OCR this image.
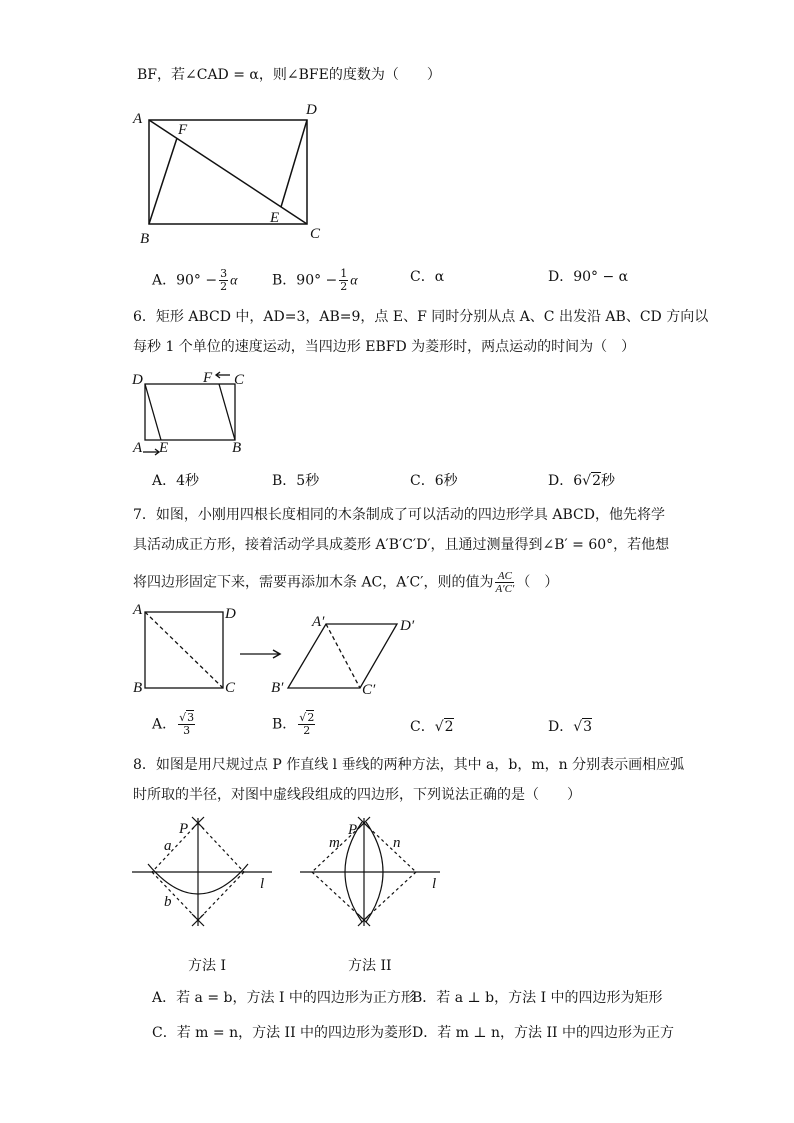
BF，若∠CAD = α，则∠BFE的度数为（　　）
A
D
F
B
E
C
A．$90^\circ - \frac{3}{2}$ α B．$90^\circ - \frac{1}{2}$ α	C．α	D．90° − α
6．矩形 ABCD 中，AD=3，AB=9，点 E、F 同时分别从点 A、C 出发沿 AB、CD 方向以
每秒 1 个单位的速度运动，当四边形 EBFD 为菱形时，两点运动的时间为（　）
D	F C
A E	B
A．4秒	B．5秒	C．6秒	D．6√2秒
7．如图，小刚用四根长度相同的木条制成了可以活动的四边形学具 ABCD，他先将学
具活动成正方形，接着活动学具成菱形 A′B′C′D′，且通过测量得到∠B′ = 60°，若他想
将四边形固定下来，需要再添加木条 AC，A′C′，则的值为 $\frac{AC}{A'C'}$ （　）
A	D
B	C
A′	D′
B′	C′
A． $\frac{√3}{3}$	B． $\frac{√2}{2}$	C．√2	D．√3
8．如图是用尺规过点 P 作直线 l 垂线的两种方法，其中 a，b，m，n 分别表示画相应弧
时所取的半径，对图中虚线段组成的四边形，下列说法正确的是（　　）
P
a
b
l
P
m	n
l
方法 I	方法 II
A．若 a = b，方法 I 中的四边形为正方形
B．若 a ⊥ b，方法 I 中的四边形为矩形
C．若 m = n，方法 II 中的四边形为菱形 D．若 m ⊥ n，方法 II 中的四边形为正方
